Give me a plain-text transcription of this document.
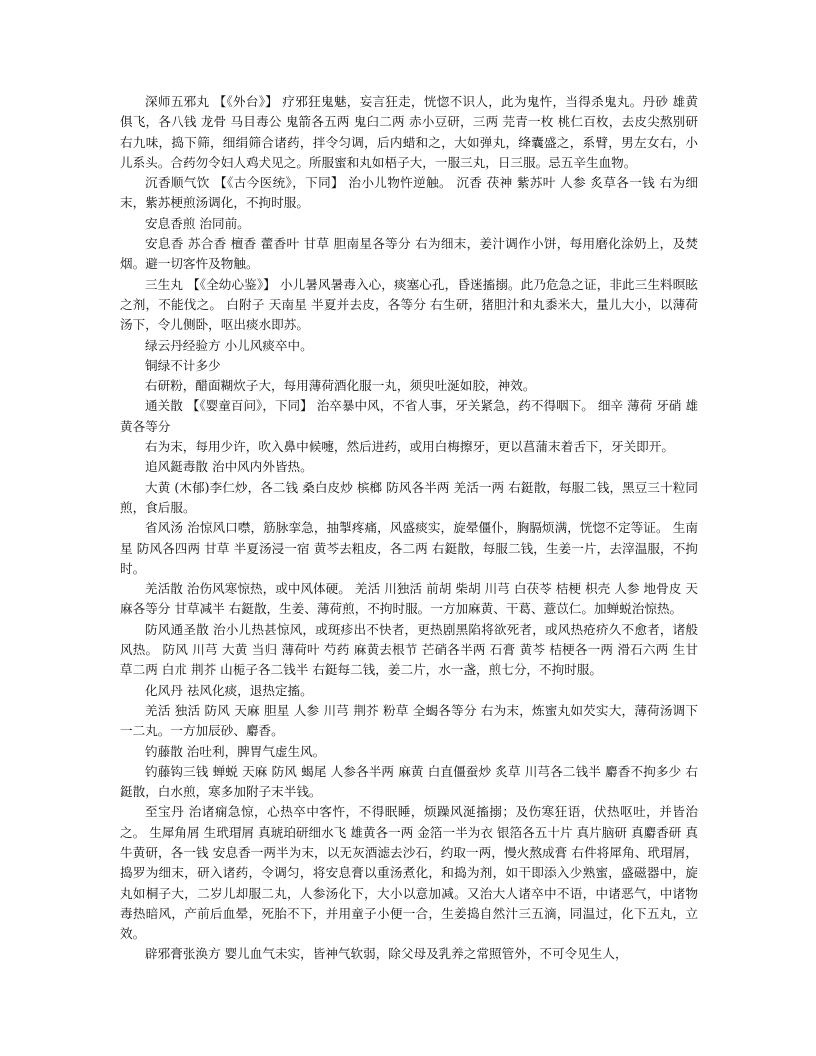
深师五邪丸 【《外台》】 疗邪狂鬼魅，妄言狂走，恍惚不识人，此为鬼忤，当得杀鬼丸。丹砂 雄黄俱飞，各八钱 龙骨 马目毒公 鬼箭各五两 鬼臼二两 赤小豆研，三两 芫青一枚 桃仁百枚，去皮尖熬别研 右九味，捣下筛，细绢筛合诸药，拌令匀调，后内蜡和之，大如弹丸，绛囊盛之，系臂，男左女右，小儿系头。合药勿令妇人鸡犬见之。所服蜜和丸如梧子大，一服三丸，日三服。忌五辛生血物。

沉香顺气饮 【《古今医统》，下同】 治小儿物忤逆触。 沉香 茯神 紫苏叶 人参 炙草各一钱 右为细末，紫苏梗煎汤调化，不拘时服。

安息香煎 治同前。

安息香 苏合香 檀香 藿香叶 甘草 胆南星各等分 右为细末，姜汁调作小饼，每用磨化涂奶上，及焚烟。避一切客忤及物触。

三生丸 【《全幼心鉴》】 小儿暑风暑毒入心，痰塞心孔，昏迷搐搦。此乃危急之证，非此三生料暝眩之剂，不能伐之。 白附子 天南星 半夏并去皮，各等分 右生研，猪胆汁和丸黍米大，量儿大小，以薄荷汤下，令儿侧卧，呕出痰水即苏。

绿云丹经验方 小儿风痰卒中。

铜绿不计多少

右研粉，醋面糊炊子大，每用薄荷酒化服一丸，须臾吐涎如胶，神效。

通关散 【《婴童百问》，下同】 治卒暴中风，不省人事，牙关紧急，药不得咽下。 细辛 薄荷 牙硝 雄黄各等分

右为末，每用少许，吹入鼻中候嚏，然后进药，或用白梅擦牙，更以菖蒲末着舌下，牙关即开。

追风鋌毒散 治中风内外皆热。

大黄 (木郁)李仁炒，各二钱 桑白皮炒 槟榔 防风各半两 羌活一两 右鋌散，每服二钱，黑豆三十粒同煎，食后服。

省风汤 治惊风口噤，筋脉挛急，抽掣疼痛，风盛痰实，旋晕僵仆，胸膈烦满，恍惚不定等证。 生南星 防风各四两 甘草 半夏汤浸一宿 黄芩去粗皮，各二两 右鋌散，每服二钱，生姜一片，去滓温服，不拘时。

羌活散 治伤风寒惊热，或中风体硬。 羌活 川独活 前胡 柴胡 川芎 白茯苓 桔梗 枳壳 人参 地骨皮 天麻各等分 甘草减半 右鋌散，生姜、薄荷煎，不拘时服。一方加麻黄、干葛、薏苡仁。加蝉蜕治惊热。

防风通圣散 治小儿热甚惊风，或斑疹出不快者，更热剧黑陷将欲死者，或风热疮疥久不愈者，诸般风热。 防风 川芎 大黄 当归 薄荷叶 芍药 麻黄去根节 芒硝各半两 石膏 黄芩 桔梗各一两 滑石六两 生甘草二两 白朮 荆芥 山栀子各二钱半 右鋌每二钱，姜二片，水一盏，煎七分，不拘时服。

化风丹 祛风化痰，退热定搐。

羌活 独活 防风 天麻 胆星 人参 川芎 荆芥 粉草 全蝎各等分 右为末，炼蜜丸如芡实大，薄荷汤调下一二丸。一方加辰砂、麝香。

钓藤散 治吐利，脾胃气虚生风。

钓藤钩三钱 蝉蜕 天麻 防风 蝎尾 人参各半两 麻黄 白直僵蚕炒 炙草 川芎各二钱半 麝香不拘多少 右鋌散，白水煎，寒多加附子末半钱。

至宝丹 治诸痫急惊，心热卒中客忤，不得眠睡，烦躁风涎搐搦；及伤寒狂语，伏热呕吐，并皆治之。 生犀角屑 生玳瑁屑 真琥珀研细水飞 雄黄各一两 金箔一半为衣 银箔各五十片 真片脑研 真麝香研 真牛黄研，各一钱 安息香一两半为末，以无灰酒滤去沙石，约取一两，慢火熬成膏 右件将犀角、玳瑁屑，捣罗为细末，研入诸药，令调匀，将安息膏以重汤煮化，和捣为剂，如干即添入少熟蜜，盛磁器中，旋丸如桐子大，二岁儿却服二丸，人参汤化下，大小以意加减。又治大人诸卒中不语，中诸恶气，中诸物毒热暗风，产前后血晕，死胎不下，并用童子小便一合，生姜捣自然汁三五滴，同温过，化下五丸，立效。

辟邪膏张涣方 婴儿血气未实，皆神气软弱，除父母及乳养之常照管外，不可令见生人，
